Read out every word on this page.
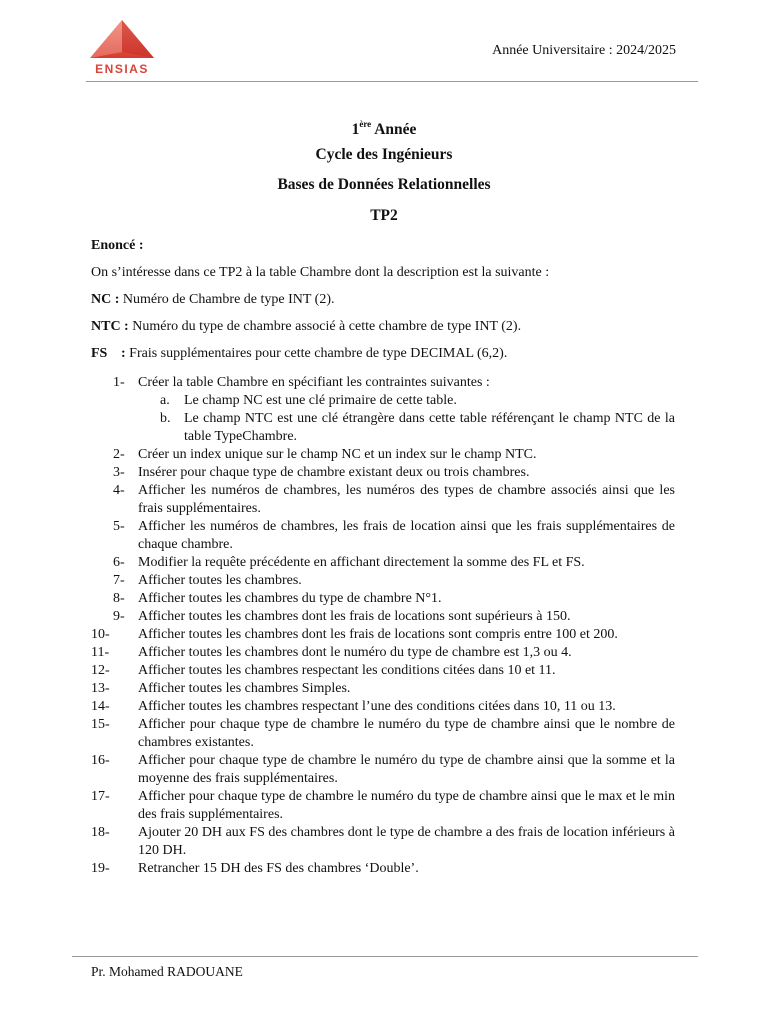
ENSIAS
Année Universitaire : 2024/2025
1ère Année
Cycle des Ingénieurs
Bases de Données Relationnelles
TP2

Enoncé :

On s’intéresse dans ce TP2 à la table Chambre dont la description est la suivante :

NC : Numéro de Chambre de type INT (2).

NTC : Numéro du type de chambre associé à cette chambre de type INT (2).

FS : Frais supplémentaires pour cette chambre de type DECIMAL (6,2).

1- Créer la table Chambre en spécifiant les contraintes suivantes :
a. Le champ NC est une clé primaire de cette table.
b. Le champ NTC est une clé étrangère dans cette table référençant le champ NTC de la table TypeChambre.
2- Créer un index unique sur le champ NC et un index sur le champ NTC.
3- Insérer pour chaque type de chambre existant deux ou trois chambres.
4- Afficher les numéros de chambres, les numéros des types de chambre associés ainsi que les frais supplémentaires.
5- Afficher les numéros de chambres, les frais de location ainsi que les frais supplémentaires de chaque chambre.
6- Modifier la requête précédente en affichant directement la somme des FL et FS.
7- Afficher toutes les chambres.
8- Afficher toutes les chambres du type de chambre N°1.
9- Afficher toutes les chambres dont les frais de locations sont supérieurs à 150.
10- Afficher toutes les chambres dont les frais de locations sont compris entre 100 et 200.
11- Afficher toutes les chambres dont le numéro du type de chambre est 1,3 ou 4.
12- Afficher toutes les chambres respectant les conditions citées dans 10 et 11.
13- Afficher toutes les chambres Simples.
14- Afficher toutes les chambres respectant l’une des conditions citées dans 10, 11 ou 13.
15- Afficher pour chaque type de chambre le numéro du type de chambre ainsi que le nombre de chambres existantes.
16- Afficher pour chaque type de chambre le numéro du type de chambre ainsi que la somme et la moyenne des frais supplémentaires.
17- Afficher pour chaque type de chambre le numéro du type de chambre ainsi que le max et le min des frais supplémentaires.
18- Ajouter 20 DH aux FS des chambres dont le type de chambre a des frais de location inférieurs à 120 DH.
19- Retrancher 15 DH des FS des chambres ‘Double’.
Pr. Mohamed RADOUANE
